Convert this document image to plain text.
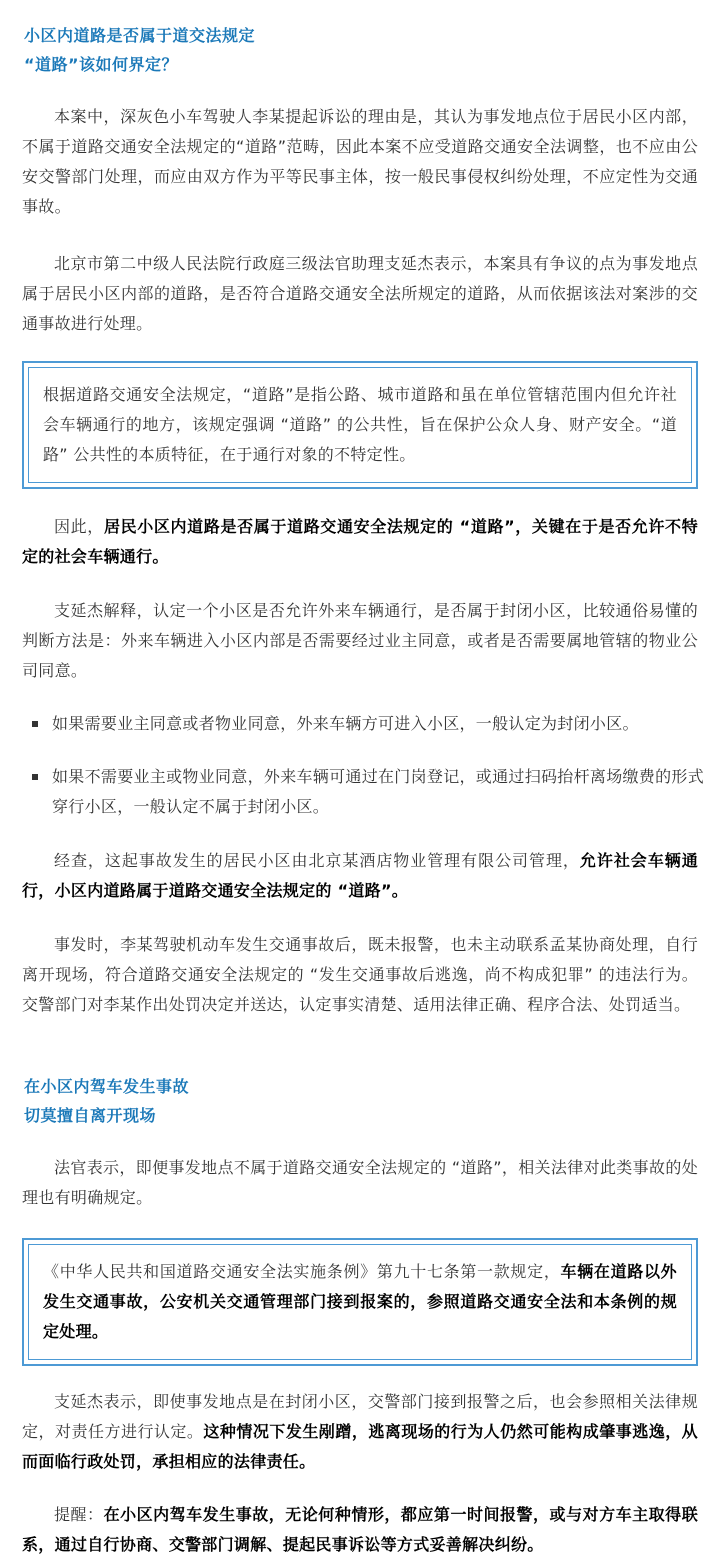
小区内道路是否属于道交法规定
“道路”该如何界定？

本案中，深灰色小车驾驶人李某提起诉讼的理由是，其认为事发地点位于居民小区内部，不属于道路交通安全法规定的“道路”范畴，因此本案不应受道路交通安全法调整，也不应由公安交警部门处理，而应由双方作为平等民事主体，按一般民事侵权纠纷处理，不应定性为交通事故。

北京市第二中级人民法院行政庭三级法官助理支延杰表示，本案具有争议的点为事发地点属于居民小区内部的道路，是否符合道路交通安全法所规定的道路，从而依据该法对案涉的交通事故进行处理。

根据道路交通安全法规定，“道路”是指公路、城市道路和虽在单位管辖范围内但允许社会车辆通行的地方，该规定强调 “道路” 的公共性，旨在保护公众人身、财产安全。“道路” 公共性的本质特征，在于通行对象的不特定性。

因此，居民小区内道路是否属于道路交通安全法规定的 “道路”，关键在于是否允许不特定的社会车辆通行。

支延杰解释，认定一个小区是否允许外来车辆通行，是否属于封闭小区，比较通俗易懂的判断方法是：外来车辆进入小区内部是否需要经过业主同意，或者是否需要属地管辖的物业公司同意。

如果需要业主同意或者物业同意，外来车辆方可进入小区，一般认定为封闭小区。
如果不需要业主或物业同意，外来车辆可通过在门岗登记，或通过扫码抬杆离场缴费的形式穿行小区，一般认定不属于封闭小区。

经查，这起事故发生的居民小区由北京某酒店物业管理有限公司管理，允许社会车辆通行，小区内道路属于道路交通安全法规定的 “道路”。

事发时，李某驾驶机动车发生交通事故后，既未报警，也未主动联系孟某协商处理，自行离开现场，符合道路交通安全法规定的 “发生交通事故后逃逸，尚不构成犯罪” 的违法行为。交警部门对李某作出处罚决定并送达，认定事实清楚、适用法律正确、程序合法、处罚适当。

在小区内驾车发生事故
切莫擅自离开现场

法官表示，即便事发地点不属于道路交通安全法规定的 “道路”，相关法律对此类事故的处理也有明确规定。

《中华人民共和国道路交通安全法实施条例》第九十七条第一款规定，车辆在道路以外发生交通事故，公安机关交通管理部门接到报案的，参照道路交通安全法和本条例的规定处理。

支延杰表示，即使事发地点是在封闭小区，交警部门接到报警之后，也会参照相关法律规定，对责任方进行认定。这种情况下发生剐蹭，逃离现场的行为人仍然可能构成肇事逃逸，从而面临行政处罚，承担相应的法律责任。

提醒：在小区内驾车发生事故，无论何种情形，都应第一时间报警，或与对方车主取得联系，通过自行协商、交警部门调解、提起民事诉讼等方式妥善解决纠纷。
